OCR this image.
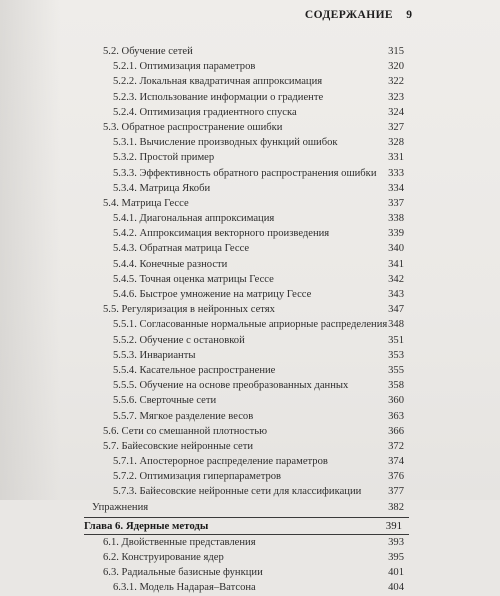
СОДЕРЖАНИЕ 9
5.2. Обучение сетей	315
5.2.1. Оптимизация параметров	320
5.2.2. Локальная квадратичная аппроксимация	322
5.2.3. Использование информации о градиенте	323
5.2.4. Оптимизация градиентного спуска	324
5.3. Обратное распространение ошибки	327
5.3.1. Вычисление производных функций ошибок	328
5.3.2. Простой пример	331
5.3.3. Эффективность обратного распространения ошибки	333
5.3.4. Матрица Якоби	334
5.4. Матрица Гессе	337
5.4.1. Диагональная аппроксимация	338
5.4.2. Аппроксимация векторного произведения	339
5.4.3. Обратная матрица Гессе	340
5.4.4. Конечные разности	341
5.4.5. Точная оценка матрицы Гессе	342
5.4.6. Быстрое умножение на матрицу Гессе	343
5.5. Регуляризация в нейронных сетях	347
5.5.1. Согласованные нормальные априорные распределения 348
5.5.2. Обучение с остановкой	351
5.5.3. Инварианты	353
5.5.4. Касательное распространение	355
5.5.5. Обучение на основе преобразованных данных	358
5.5.6. Сверточные сети	360
5.5.7. Мягкое разделение весов	363
5.6. Сети со смешанной плотностью	366
5.7. Байесовские нейронные сети	372
5.7.1. Апостерорное распределение параметров	374
5.7.2. Оптимизация гиперпараметров	376
5.7.3. Байесовские нейронные сети для классификации	377
Упражнения	382
Глава 6. Ядерные методы	391
6.1. Двойственные представления	393
6.2. Конструирование ядер	395
6.3. Радиальные базисные функции	401
6.3.1. Модель Надарая–Ватсона	404
